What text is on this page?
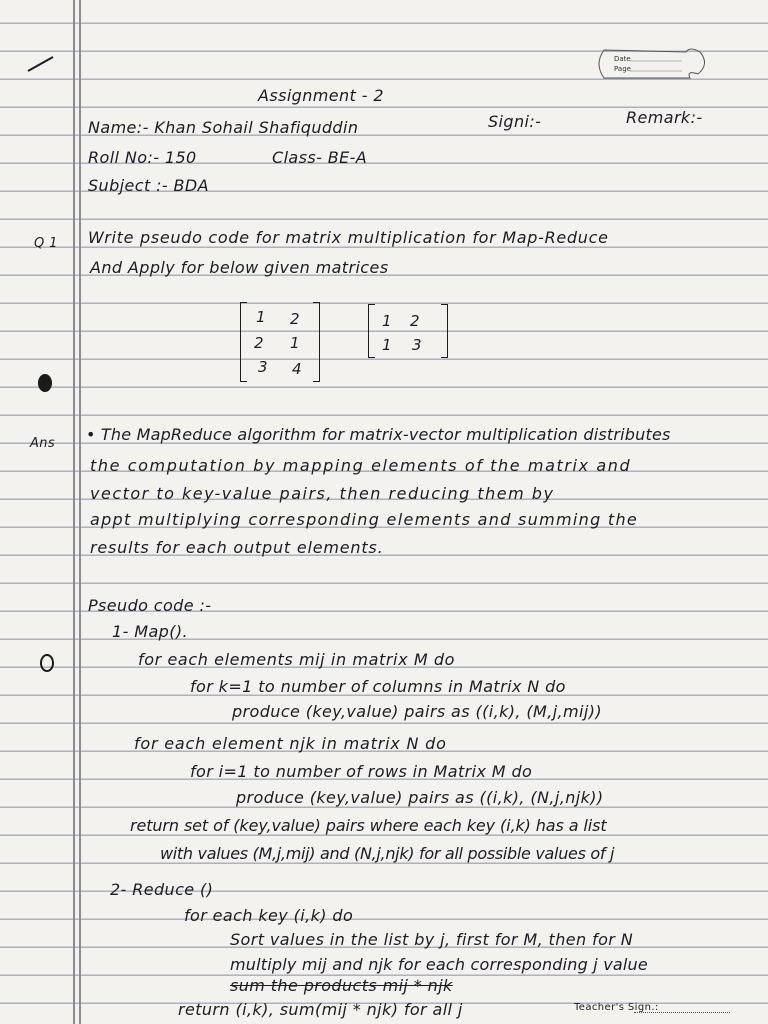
Date
Page
Assignment - 2
Name:- Khan Sohail Shafiquddin	Signi:-	Remark:-
Roll No:- 150	Class- BE-A
Subject :- BDA
Q 1 Write pseudo code for matrix multiplication for Map-Reduce
And Apply for below given matrices
1 2
2 1
3 4
1 2
1 3
Ans • The MapReduce algorithm for matrix-vector multiplication distributes
the computation by mapping elements of the matrix and
vector to key-value pairs, then reducing them by
appt multiplying corresponding elements and summing the
results for each output elements.
Pseudo code :-
1- Map().
for each elements mij in matrix M do
for k=1 to number of columns in Matrix N do
produce (key,value) pairs as ((i,k), (M,j,mij))
for each element njk in matrix N do
for i=1 to number of rows in Matrix M do
produce (key,value) pairs as ((i,k), (N,j,njk))
return set of (key,value) pairs where each key (i,k) has a list
with values (M,j,mij) and (N,j,njk) for all possible values of j
2- Reduce ()
for each key (i,k) do
Sort values in the list by j, first for M, then for N
multiply mij and njk for each corresponding j value
sum the products mij * njk
return (i,k), sum(mij * njk) for all j	Teacher's Sign.:
